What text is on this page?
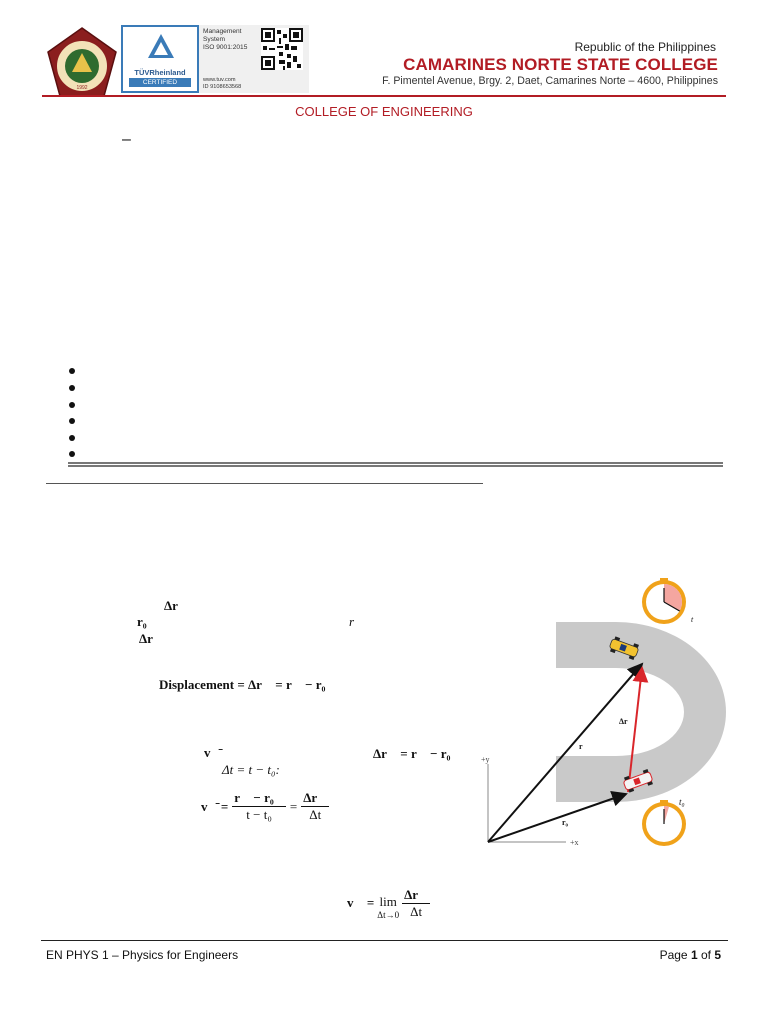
1992
TÜVRheinland
CERTIFIED
Management
System
ISO 9001:2015
www.tuv.com
ID 9108653568
Republic of the Philippines
CAMARINES NORTE STATE COLLEGE
F. Pimentel Avenue, Brgy. 2, Daet, Camarines Norte – 4600, Philippines
COLLEGE OF ENGINEERING
–
Δr⃗
r₀⃗	r⃗
Δr⃗
Displacement = Δr⃗ = r⃗ − r₀⃗
v⃗̄	Δr⃗ = r⃗ − r₀⃗
Δt = t − t₀:
v⃗̄ = $\frac{\text{r⃗ − r₀⃗}}{\text{t − t₀}} = \frac{\Delta r⃗}{\Delta t}$
v⃗ = lim
$\Delta t\to 0 \frac{\Delta r⃗}{\Delta t}$
+y
+x
r⃗
r₀⃗
Δr⃗
t
t₀
EN PHYS 1 – Physics for Engineers	Page 1 of 5
